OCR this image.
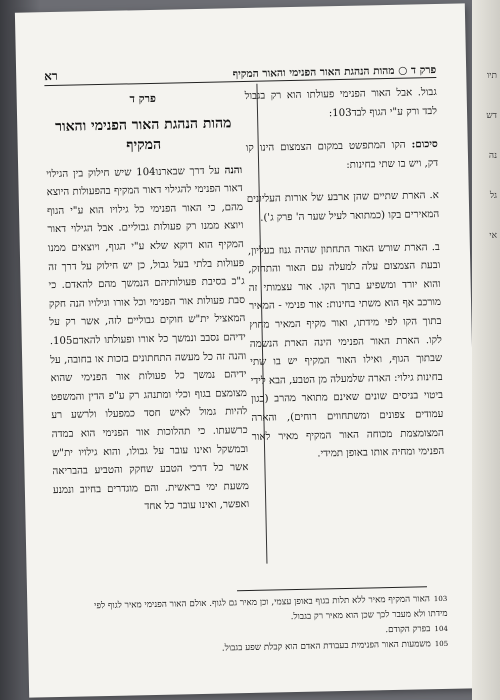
פרק ד ○ מהות הנהגת האור הפנימי והאור המקיף
רא

גבול. אבל האור הפנימי פעולתו הוא רק בגבול לבד ורק ע"י הגוף לבד103:

סיכום: הקו המתפשט במקום הצמצום הינו קו דק, ויש בו שתי בחינות:

א. הארת שתיים שהן ארבע של אורות העליונים המאירים בקו (כמתואר לעיל שער ה' פרק ג').

ב. הארת שורש האור התחתון שהיה גנוז בעליון, ובעת הצמצום עלה למעלה עם האור והתחזק, והוא יורד ומשפיע בתוך הקו. אור עצמותי זה מורכב אף הוא משתי בחינות: אור פנימי - המאיר בתוך הקו לפי מידתו, ואור מקיף המאיר מחוץ לקו. הארת האור הפנימי הינה הארת הנשמה שבתוך הגוף, ואילו האור המקיף יש בו שתי בחינות גילוי: הארה שלמעלה מן הטבע, הבא לידי ביטוי בניסים שונים שאינם מתואר מהרב (כגון עמודים צפונים ומשתחווים רוחים), והארה המצומצמת מכוחה האור המקיף מאיר לאור הפנימי ומחיה אותו באופן תמידי.

פרק ד
מהות הנהגת האור הפנימי והאור המקיף

והנה על דרך שבארנו104 שיש חילוק בין הגילוי דאור הפנימי להגילוי דאור המקיף בהפעולות היוצא מהם, כי האור הפנימי כל גילויו הוא ע"י הגוף ויוצא ממנו רק פעולות גבוליים. אבל הגילוי דאור המקיף הוא דוקא שלא ע"י הגוף, ויוצאים ממנו פעולות בלתי בעל גבול, כן יש חילוק על דרך זה ג"כ בסיבת פעולותיהם הנמשך מהם להאדם. כי סבת פעולות אור הפנימי וכל אורו וגילויו הנה חקק המאציל ית"ש חוקים גבוליים לזה, אשר רק על ידיהם נסבב ונמשך כל אורו ופעולתו להאדם105. והנה זה כל מעשה התחתונים בזכות או בחובה, על ידיהם נמשך כל פעולות אור הפנימי שהוא מצומצם בגוף וכלי ומתנהג רק ע"פ הדין והמשפט להיות גמול לאיש חסד כמפעלו ולרשע רע כרשעתו. כי תהלוכות אור הפנימי הוא במדה ובמשקל ואינו עובר על גבולו, והוא גילויו ית"ש אשר כל דרכי הטבע שחקק והטביע בהבריאה משעת ימי בראשית. והם מוגדרים בחיוב ונמנע ואפשר, ואינו עובר כל אחד

103האור המקיף מאיר ללא תלות בגוף באופן עצמי, וכן מאיר גם לגוף. אולם האור הפנימי מאיר לגוף לפי מידתו ולא מעבר לכך שכן הוא מאיר רק בגבול.

104בפרק הקודם.

105משמעות האור הפנימית בעבודת האדם הוא קבלת שפע בגבול.

תיו
דש
נה
גל
אי
